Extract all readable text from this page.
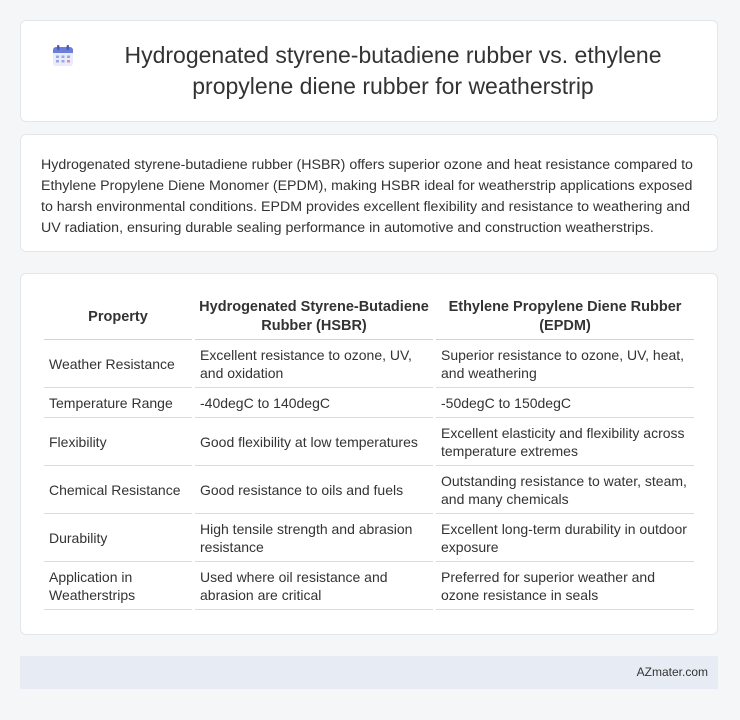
Hydrogenated styrene-butadiene rubber vs. ethylene propylene diene rubber for weatherstrip

Hydrogenated styrene-butadiene rubber (HSBR) offers superior ozone and heat resistance compared to Ethylene Propylene Diene Monomer (EPDM), making HSBR ideal for weatherstrip applications exposed to harsh environmental conditions. EPDM provides excellent flexibility and resistance to weathering and UV radiation, ensuring durable sealing performance in automotive and construction weatherstrips.

Property	Hydrogenated Styrene-Butadiene Rubber (HSBR)	Ethylene Propylene Diene Rubber (EPDM)
Weather Resistance	Excellent resistance to ozone, UV, and oxidation	Superior resistance to ozone, UV, heat, and weathering
Temperature Range	-40degC to 140degC	-50degC to 150degC
Flexibility	Good flexibility at low temperatures	Excellent elasticity and flexibility across temperature extremes
Chemical Resistance	Good resistance to oils and fuels	Outstanding resistance to water, steam, and many chemicals
Durability	High tensile strength and abrasion resistance	Excellent long-term durability in outdoor exposure
Application in Weatherstrips	Used where oil resistance and abrasion are critical	Preferred for superior weather and ozone resistance in seals
AZmater.com
